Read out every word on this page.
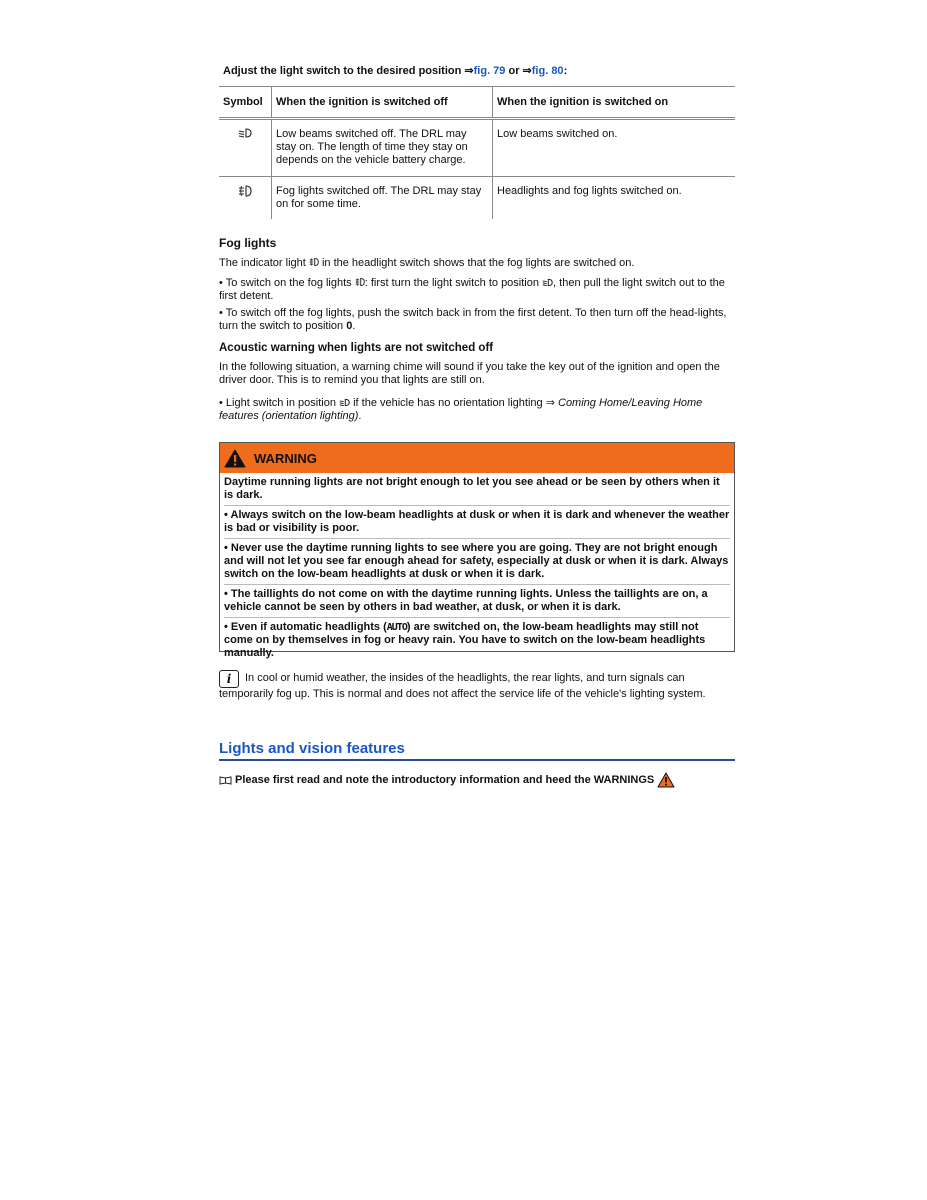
Adjust the light switch to the desired position ⇒fig. 79 or ⇒fig. 80:
Symbol	When the ignition is switched off	When the ignition is switched on
	Low beams switched off. The DRL may stay on. The length of time they stay on depends on the vehicle battery charge.	Low beams switched on.
	Fog lights switched off. The DRL may stay on for some time.	Headlights and fog lights switched on.
Fog lights

The indicator light  in the headlight switch shows that the fog lights are switched on.

• To switch on the fog lights : first turn the light switch to position , then pull the light switch out to the first detent.

• To switch off the fog lights, push the switch back in from the first detent. To then turn off the head-lights, turn the switch to position 0.

Acoustic warning when lights are not switched off

In the following situation, a warning chime will sound if you take the key out of the ignition and open the driver door. This is to remind you that lights are still on.

• Light switch in position  if the vehicle has no orientation lighting ⇒ Coming Home/Leaving Home features (orientation lighting).

WARNING
Daytime running lights are not bright enough to let you see ahead or be seen by others when it is dark.
• Always switch on the low-beam headlights at dusk or when it is dark and whenever the weather is bad or visibility is poor.
• Never use the daytime running lights to see where you are going. They are not bright enough and will not let you see far enough ahead for safety, especially at dusk or when it is dark. Always switch on the low-beam headlights at dusk or when it is dark.
• The taillights do not come on with the daytime running lights. Unless the taillights are on, a vehicle cannot be seen by others in bad weather, at dusk, or when it is dark.
• Even if automatic headlights (AUTO) are switched on, the low-beam headlights may still not come on by themselves in fog or heavy rain. You have to switch on the low-beam headlights manually.
i In cool or humid weather, the insides of the headlights, the rear lights, and turn signals can temporarily fog up. This is normal and does not affect the service life of the vehicle's lighting system.
Lights and vision features
Please first read and note the introductory information and heed the WARNINGS
